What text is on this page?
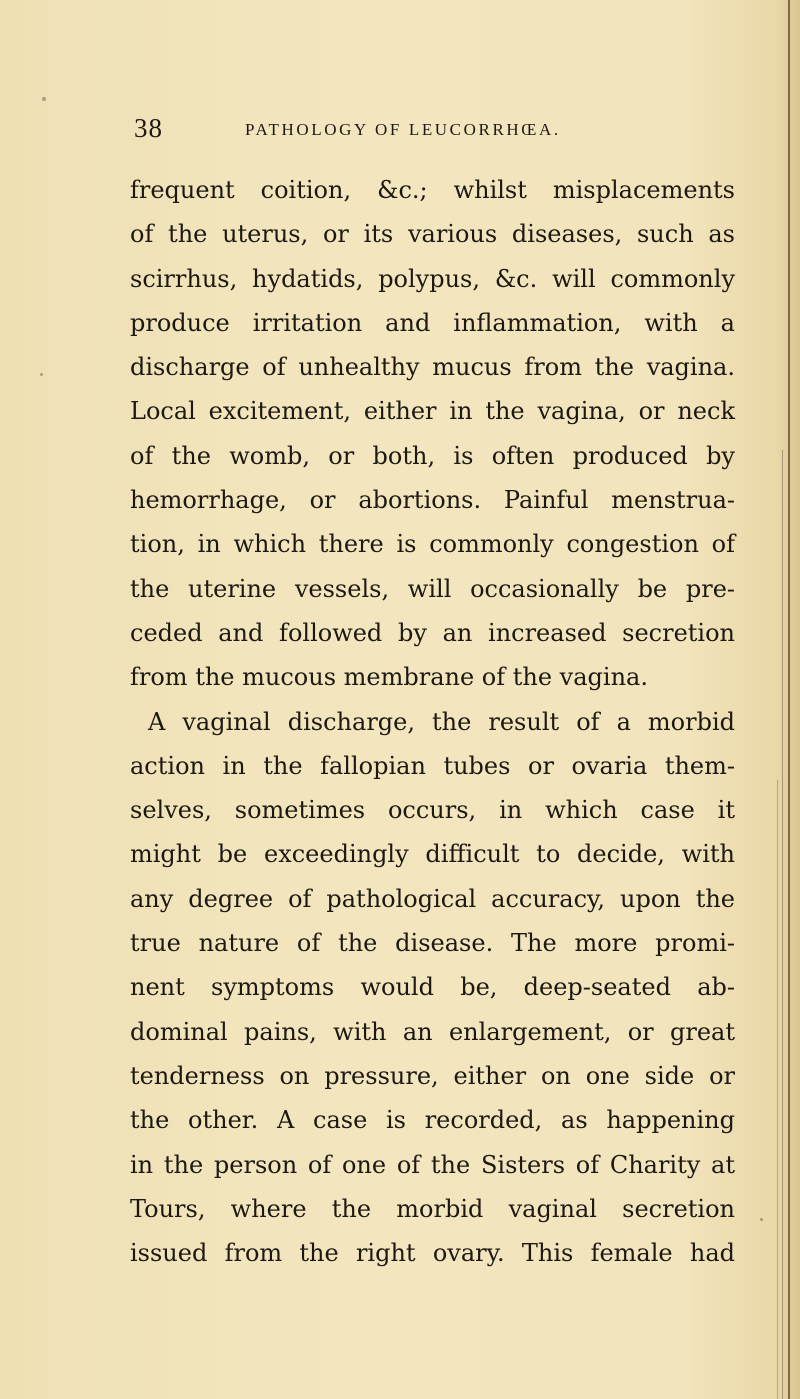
38	PATHOLOGY OF LEUCORRHŒA.
frequent coition, &c.; whilst misplacements
of the uterus, or its various diseases, such as
scirrhus, hydatids, polypus, &c. will commonly
produce irritation and inflammation, with a
discharge of unhealthy mucus from the vagina.
Local excitement, either in the vagina, or neck
of the womb, or both, is often produced by
hemorrhage, or abortions. Painful menstrua-
tion, in which there is commonly congestion of
the uterine vessels, will occasionally be pre-
ceded and followed by an increased secretion
from the mucous membrane of the vagina.
A vaginal discharge, the result of a morbid
action in the fallopian tubes or ovaria them-
selves, sometimes occurs, in which case it
might be exceedingly difficult to decide, with
any degree of pathological accuracy, upon the
true nature of the disease. The more promi-
nent symptoms would be, deep-seated ab-
dominal pains, with an enlargement, or great
tenderness on pressure, either on one side or
the other. A case is recorded, as happening
in the person of one of the Sisters of Charity at
Tours, where the morbid vaginal secretion
issued from the right ovary. This female had
